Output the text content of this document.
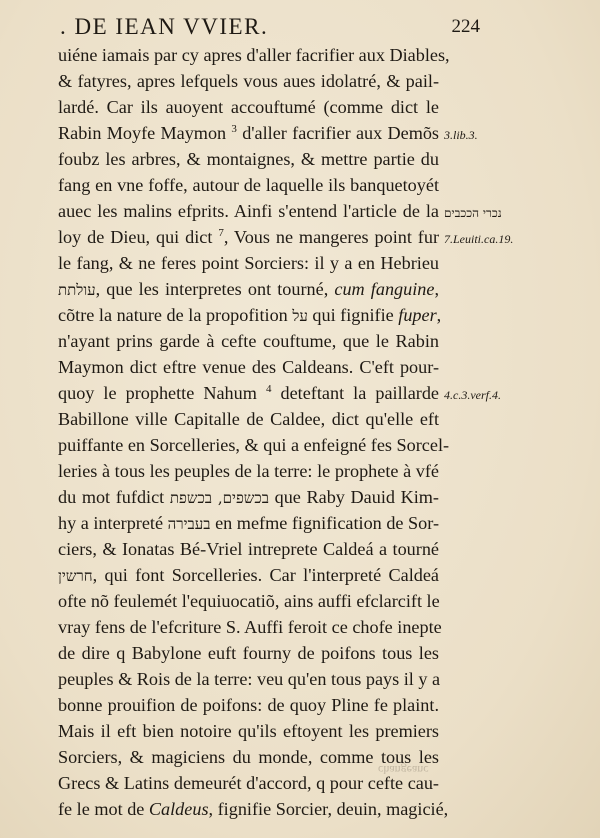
. DE IEAN VVIER.	224
uiéne iamais par cy apres d'aller facrifier aux Diables,
& fatyres, apres lefquels vous aues idolatré, & pail-
lardé. Car ils auoyent accouftumé (comme dict le
Rabin Moyfe Maymon $^3$ d'aller facrifier aux Demõs
foubz les arbres, & montaignes, & mettre partie du
fang en vne foffe, autour de laquelle ils banquetoyét
auec les malins efprits. Ainfi s'entend l'article de la
loy de Dieu, qui dict $^7$, Vous ne mangeres point fur
le fang, & ne feres point Sorciers: il y a en Hebrieu
עולתת, que les interpretes ont tourné, cum fanguine,
cõtre la nature de la propofition על qui fignifie fuper,
n'ayant prins garde à cefte couftume, que le Rabin
Maymon dict eftre venue des Caldeans. C'eft pour-
quoy le prophette Nahum $^4$ deteftant la paillarde
Babillone ville Capitalle de Caldee, dict qu'elle eft
puiffante en Sorcelleries, & qui a enfeigné fes Sorcel-
leries à tous les peuples de la terre: le prophete à vfé
du mot fufdict בכשפים, בכשפת que Raby Dauid Kim-
hy a interpreté בעבירה en mefme fignification de Sor-
ciers, & Ionatas Bé-Vriel intreprete Caldeá a tourné
חרשין, qui font Sorcelleries. Car l'interpreté Caldeá
ofte nõ feulemét l'equiuocatiõ, ains auffi efclarcift le
vray fens de l'efcriture S. Auffi feroit ce chofe inepte
de dire q Babylone euft fourny de poifons tous les
peuples & Rois de la terre: veu qu'en tous pays il y a
bonne prouifion de poifons: de quoy Pline fe plaint.
Mais il eft bien notoire qu'ils eftoyent les premiers
Sorciers, & magiciens du monde, comme tous les
Grecs & Latins demeurét d'accord, q pour cefte cau-
fe le mot de Caldeus, fignifie Sorcier, deuin, magicié,
3.lib.3.
נכרי הככבים
7.Leuiti.ca.19.
4.c.3.verf.4.
changeanc
